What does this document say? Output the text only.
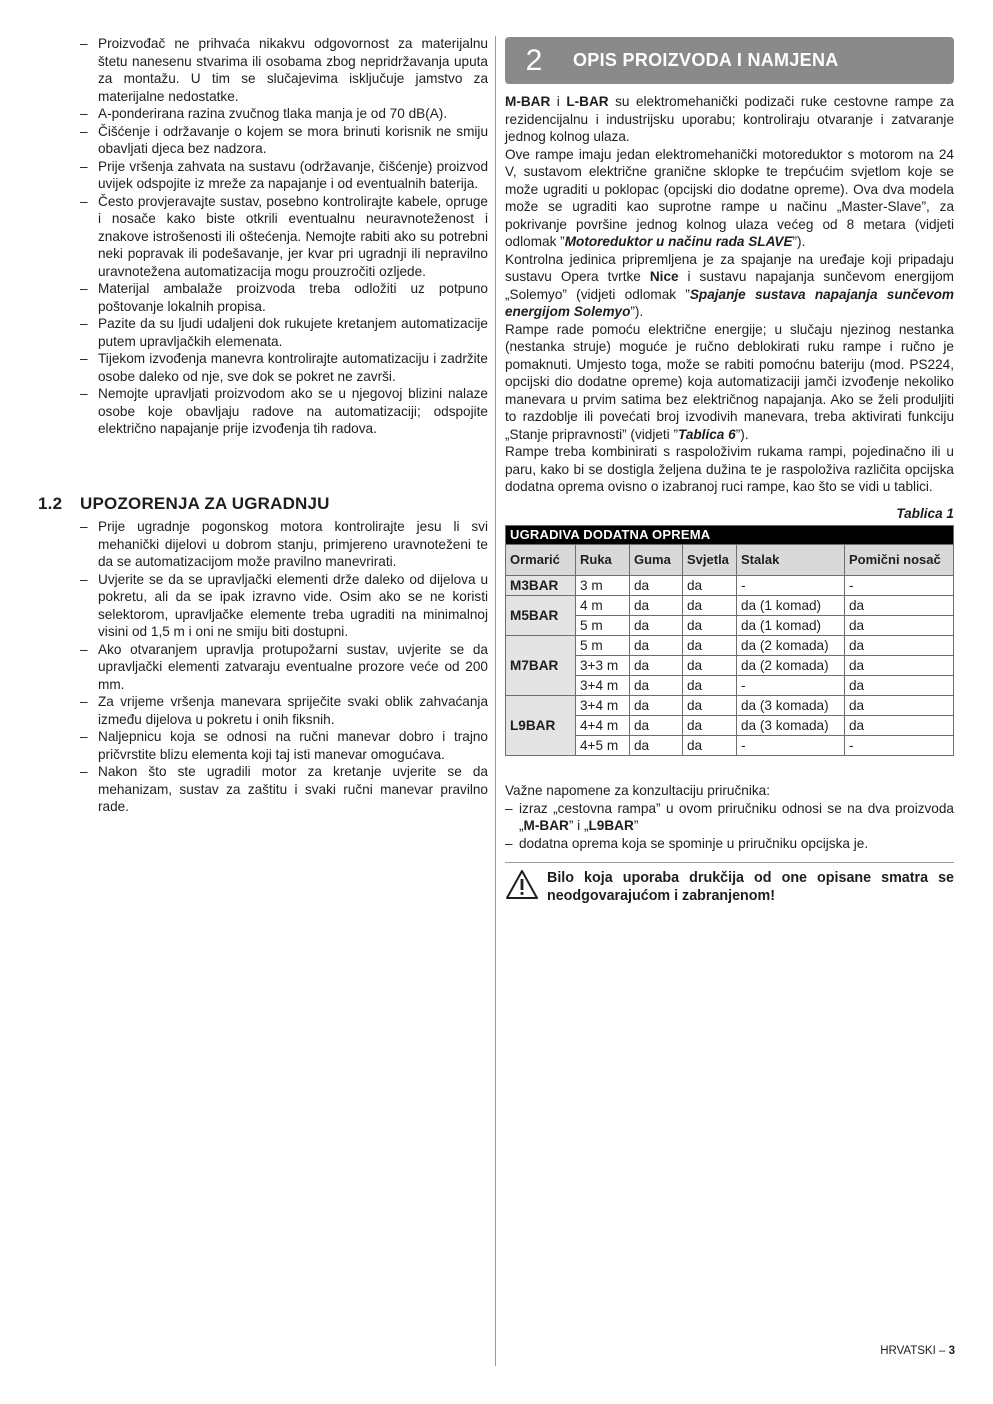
– Proizvođač ne prihvaća nikakvu odgovornost za materijalnu štetu nanesenu stvarima ili osobama zbog nepridržavanja uputa za montažu. U tim se slučajevima isključuje jamstvo za materijalne nedostatke.
– A-ponderirana razina zvučnog tlaka manja je od 70 dB(A).
– Čišćenje i održavanje o kojem se mora brinuti korisnik ne smiju obavljati djeca bez nadzora.
– Prije vršenja zahvata na sustavu (održavanje, čišćenje) proizvod uvijek odspojite iz mreže za napajanje i od eventualnih baterija.
– Često provjeravajte sustav, posebno kontrolirajte kabele, opruge i nosače kako biste otkrili eventualnu neuravnoteženost i znakove istrošenosti ili oštećenja. Nemojte rabiti ako su potrebni neki popravak ili podešavanje, jer kvar pri ugradnji ili nepravilno uravnotežena automatizacija mogu prouzročiti ozljede.
– Materijal ambalaže proizvoda treba odložiti uz potpuno poštovanje lokalnih propisa.
– Pazite da su ljudi udaljeni dok rukujete kretanjem automatizacije putem upravljačkih elemenata.
– Tijekom izvođenja manevra kontrolirajte automatizaciju i zadržite osobe daleko od nje, sve dok se pokret ne završi.
– Nemojte upravljati proizvodom ako se u njegovoj blizini nalaze osobe koje obavljaju radove na automatizaciji; odspojite električno napajanje prije izvođenja tih radova.
1.2 UPOZORENJA ZA UGRADNJU
– Prije ugradnje pogonskog motora kontrolirajte jesu li svi mehanički dijelovi u dobrom stanju, primjereno uravnoteženi te da se automatizacijom može pravilno manevrirati.
– Uvjerite se da se upravljački elementi drže daleko od dijelova u pokretu, ali da se ipak izravno vide. Osim ako se ne koristi selektorom, upravljačke elemente treba ugraditi na minimalnoj visini od 1,5 m i oni ne smiju biti dostupni.
– Ako otvaranjem upravlja protupožarni sustav, uvjerite se da upravljački elementi zatvaraju eventualne prozore veće od 200 mm.
– Za vrijeme vršenja manevara spriječite svaki oblik zahvaćanja između dijelova u pokretu i onih fiksnih.
– Naljepnicu koja se odnosi na ručni manevar dobro i trajno pričvrstite blizu elementa koji taj isti manevar omogućava.
– Nakon što ste ugradili motor za kretanje uvjerite se da mehanizam, sustav za zaštitu i svaki ručni manevar pravilno rade.
2	OPIS PROIZVODA I NAMJENA

M-BAR i L-BAR su elektromehanički podizači ruke cestovne rampe za rezidencijalnu i industrijsku uporabu; kontroliraju otvaranje i zatvaranje jednog kolnog ulaza.

Ove rampe imaju jedan elektromehanički motoreduktor s motorom na 24 V, sustavom električne granične sklopke te trepćućim svjetlom koje se može ugraditi u poklopac (opcijski dio dodatne opreme). Ova dva modela može se ugraditi kao suprotne rampe u načinu „Master-Slave”, za pokrivanje površine jednog kolnog ulaza većeg od 8 metara (vidjeti odlomak ”Motoreduktor u načinu rada SLAVE”).

Kontrolna jedinica pripremljena je za spajanje na uređaje koji pripadaju sustavu Opera tvrtke Nice i sustavu napajanja sunčevom energijom „Solemyo” (vidjeti odlomak ”Spajanje sustava napajanja sunčevom energijom Solemyo”).

Rampe rade pomoću električne energije; u slučaju njezinog nestanka (nestanka struje) moguće je ručno deblokirati ruku rampe i ručno je pomaknuti. Umjesto toga, može se rabiti pomoćnu bateriju (mod. PS224, opcijski dio dodatne opreme) koja automatizaciji jamči izvođenje nekoliko manevara u prvim satima bez električnog napajanja. Ako se želi produljiti to razdoblje ili povećati broj izvodivih manevara, treba aktivirati funkciju „Stanje pripravnosti” (vidjeti ”Tablica 6”).

Rampe treba kombinirati s raspoloživim rukama rampi, pojedinačno ili u paru, kako bi se dostigla željena dužina te je raspoloživa različita opcijska dodatna oprema ovisno o izabranoj ruci rampe, kao što se vidi u tablici.

Tablica 1
UGRADIVA DODATNA OPREMA					
Ormarić	Ruka	Guma	Svjetla	Stalak	Pomični nosač
M3BAR	3 m	da	da	-	-
M5BAR	4 m	da	da	da (1 komad)	da
	5 m	da	da	da (1 komad)	da
M7BAR	5 m	da	da	da (2 komada)	da
	3+3 m	da	da	da (2 komada)	da
	3+4 m	da	da	-	da
L9BAR	3+4 m	da	da	da (3 komada)	da
	4+4 m	da	da	da (3 komada)	da
	4+5 m	da	da	-	-

Važne napomene za konzultaciju priručnika:

– izraz „cestovna rampa” u ovom priručniku odnosi se na dva proizvoda „M-BAR” i „L9BAR”
– dodatna oprema koja se spominje u priručniku opcijska je.
Bilo koja uporaba drukčija od one opisane smatra se neodgovarajućom i zabranjenom!
HRVATSKI – 3
